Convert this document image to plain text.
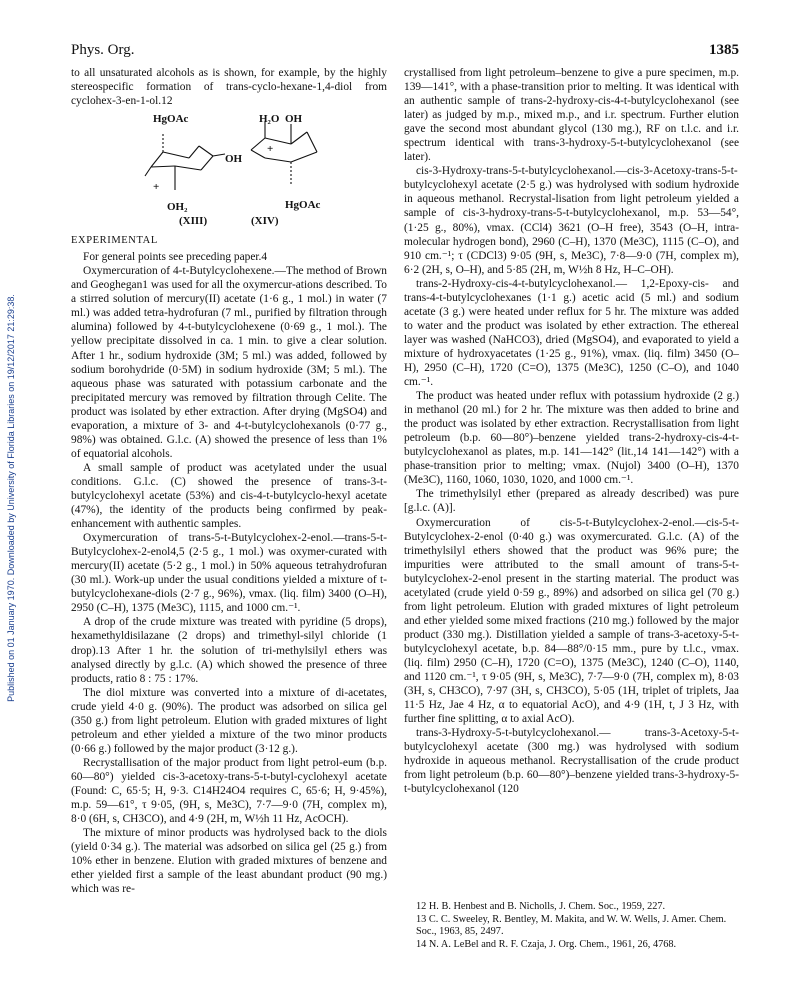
Phys. Org.	1385
Published on 01 January 1970. Downloaded by University of Florida Libraries on 19/12/2017 21:29:38.

to all unsaturated alcohols as is shown, for example, by the highly stereospecific formation of trans-cyclo-hexane-1,4-diol from cyclohex-3-en-1-ol.12

HgOAc
OH
OH₂
+
H₂O OH
HgOAc
+
(XIII)	(XIV)
EXPERIMENTAL

For general points see preceding paper.4

Oxymercuration of 4-t-Butylcyclohexene.—The method of Brown and Geoghegan1 was used for all the oxymercur-ations described. To a stirred solution of mercury(II) acetate (1·6 g., 1 mol.) in water (7 ml.) was added tetra-hydrofuran (7 ml., purified by filtration through alumina) followed by 4-t-butylcyclohexene (0·69 g., 1 mol.). The yellow precipitate dissolved in ca. 1 min. to give a clear solution. After 1 hr., sodium hydroxide (3M; 5 ml.) was added, followed by sodium borohydride (0·5M) in sodium hydroxide (3M; 5 ml.). The aqueous phase was saturated with potassium carbonate and the precipitated mercury was removed by filtration through Celite. The product was isolated by ether extraction. After drying (MgSO4) and evaporation, a mixture of 3- and 4-t-butylcyclohexanols (0·77 g., 98%) was obtained. G.l.c. (A) showed the presence of less than 1% of equatorial alcohols.

A small sample of product was acetylated under the usual conditions. G.l.c. (C) showed the presence of trans-3-t-butylcyclohexyl acetate (53%) and cis-4-t-butylcyclo-hexyl acetate (47%), the identity of the products being confirmed by peak-enhancement with authentic samples.

Oxymercuration of trans-5-t-Butylcyclohex-2-enol.—trans-5-t-Butylcyclohex-2-enol4,5 (2·5 g., 1 mol.) was oxymer-curated with mercury(II) acetate (5·2 g., 1 mol.) in 50% aqueous tetrahydrofuran (30 ml.). Work-up under the usual conditions yielded a mixture of t-butylcyclohexane-diols (2·7 g., 96%), νmax. (liq. film) 3400 (O–H), 2950 (C–H), 1375 (Me3C), 1115, and 1000 cm.⁻¹.

A drop of the crude mixture was treated with pyridine (5 drops), hexamethyldisilazane (2 drops) and trimethyl-silyl chloride (1 drop).13 After 1 hr. the solution of tri-methylsilyl ethers was analysed directly by g.l.c. (A) which showed the presence of three products, ratio 8 : 75 : 17%.

The diol mixture was converted into a mixture of di-acetates, crude yield 4·0 g. (90%). The product was adsorbed on silica gel (350 g.) from light petroleum. Elution with graded mixtures of light petroleum and ether yielded a mixture of the two minor products (0·66 g.) followed by the major product (3·12 g.).

Recrystallisation of the major product from light petrol-eum (b.p. 60—80°) yielded cis-3-acetoxy-trans-5-t-butyl-cyclohexyl acetate (Found: C, 65·5; H, 9·3. C14H24O4 requires C, 65·6; H, 9·45%), m.p. 59—61°, τ 9·05, (9H, s, Me3C), 7·7—9·0 (7H, complex m), 8·0 (6H, s, CH3CO), and 4·9 (2H, m, W½h 11 Hz, AcOCH).

The mixture of minor products was hydrolysed back to the diols (yield 0·34 g.). The material was adsorbed on silica gel (25 g.) from 10% ether in benzene. Elution with graded mixtures of benzene and ether yielded first a sample of the least abundant product (90 mg.) which was re-

crystallised from light petroleum–benzene to give a pure specimen, m.p. 139—141°, with a phase-transition prior to melting. It was identical with an authentic sample of trans-2-hydroxy-cis-4-t-butylcyclohexanol (see later) as judged by m.p., mixed m.p., and i.r. spectrum. Further elution gave the second most abundant glycol (130 mg.), RF on t.l.c. and i.r. spectrum identical with trans-3-hydroxy-5-t-butylcyclohexanol (see later).

cis-3-Hydroxy-trans-5-t-butylcyclohexanol.—cis-3-Acetoxy-trans-5-t-butylcyclohexyl acetate (2·5 g.) was hydrolysed with sodium hydroxide in aqueous methanol. Recrystal-lisation from light petroleum yielded a sample of cis-3-hydroxy-trans-5-t-butylcyclohexanol, m.p. 53—54°, (1·25 g., 80%), νmax. (CCl4) 3621 (O–H free), 3543 (O–H, intra-molecular hydrogen bond), 2960 (C–H), 1370 (Me3C), 1115 (C–O), and 910 cm.⁻¹; τ (CDCl3) 9·05 (9H, s, Me3C), 7·8—9·0 (7H, complex m), 6·2 (2H, s, O–H), and 5·85 (2H, m, W½h 8 Hz, H–C–OH).

trans-2-Hydroxy-cis-4-t-butylcyclohexanol.— 1,2-Epoxy-cis- and trans-4-t-butylcyclohexanes (1·1 g.) acetic acid (5 ml.) and sodium acetate (3 g.) were heated under reflux for 5 hr. The mixture was added to water and the product was isolated by ether extraction. The ethereal layer was washed (NaHCO3), dried (MgSO4), and evaporated to yield a mixture of hydroxyacetates (1·25 g., 91%), νmax. (liq. film) 3450 (O–H), 2950 (C–H), 1720 (C=O), 1375 (Me3C), 1250 (C–O), and 1040 cm.⁻¹.

The product was heated under reflux with potassium hydroxide (2 g.) in methanol (20 ml.) for 2 hr. The mixture was then added to brine and the product was isolated by ether extraction. Recrystallisation from light petroleum (b.p. 60—80°)–benzene yielded trans-2-hydroxy-cis-4-t-butylcyclohexanol as plates, m.p. 141—142° (lit.,14 141—142°) with a phase-transition prior to melting; νmax. (Nujol) 3400 (O–H), 1370 (Me3C), 1160, 1060, 1030, 1020, and 1000 cm.⁻¹.

The trimethylsilyl ether (prepared as already described) was pure [g.l.c. (A)].

Oxymercuration of cis-5-t-Butylcyclohex-2-enol.—cis-5-t-Butylcyclohex-2-enol (0·40 g.) was oxymercurated. G.l.c. (A) of the trimethylsilyl ethers showed that the product was 96% pure; the impurities were attributed to the small amount of trans-5-t-butylcyclohex-2-enol present in the starting material. The product was acetylated (crude yield 0·59 g., 89%) and adsorbed on silica gel (70 g.) from light petroleum. Elution with graded mixtures of light petroleum and ether yielded some mixed fractions (210 mg.) followed by the major product (330 mg.). Distillation yielded a sample of trans-3-acetoxy-5-t-butylcyclohexyl acetate, b.p. 84—88°/0·15 mm., pure by t.l.c., νmax. (liq. film) 2950 (C–H), 1720 (C=O), 1375 (Me3C), 1240 (C–O), 1140, and 1120 cm.⁻¹, τ 9·05 (9H, s, Me3C), 7·7—9·0 (7H, complex m), 8·03 (3H, s, CH3CO), 7·97 (3H, s, CH3CO), 5·05 (1H, triplet of triplets, Jaa 11·5 Hz, Jae 4 Hz, α to equatorial AcO), and 4·9 (1H, t, J 3 Hz, with further fine splitting, α to axial AcO).

trans-3-Hydroxy-5-t-butylcyclohexanol.— trans-3-Acetoxy-5-t-butylcyclohexyl acetate (300 mg.) was hydrolysed with sodium hydroxide in aqueous methanol. Recrystallisation of the crude product from light petroleum (b.p. 60—80°)–benzene yielded trans-3-hydroxy-5-t-butylcyclohexanol (120

12 H. B. Henbest and B. Nicholls, J. Chem. Soc., 1959, 227.

13 C. C. Sweeley, R. Bentley, M. Makita, and W. W. Wells, J. Amer. Chem. Soc., 1963, 85, 2497.

14 N. A. LeBel and R. F. Czaja, J. Org. Chem., 1961, 26, 4768.
